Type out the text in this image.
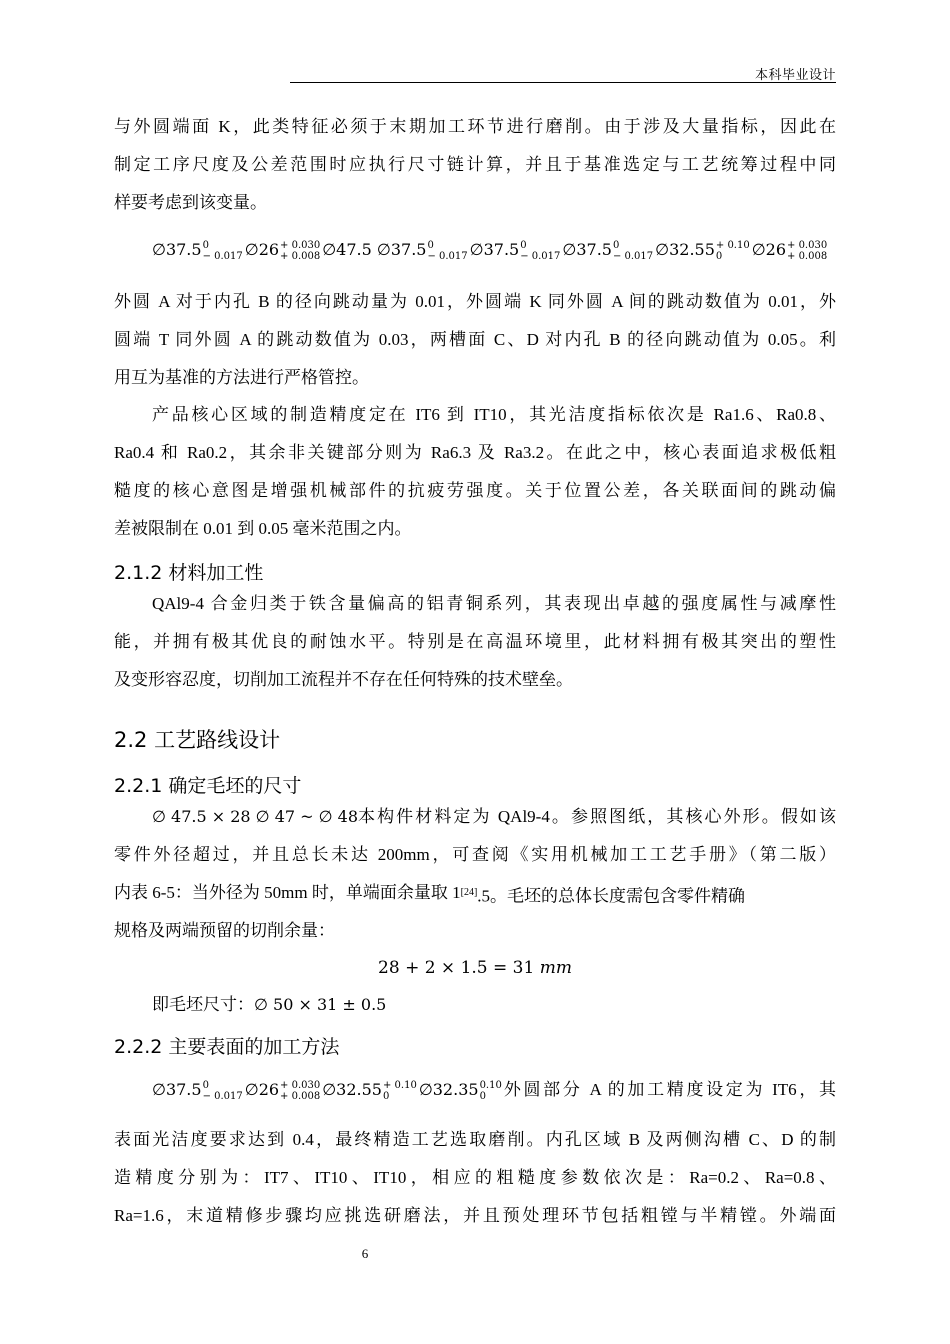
本科毕业设计
与外圆端面 K，此类特征必须于末期加工环节进行磨削。由于涉及大量指标，因此在
制定工序尺度及公差范围时应执行尺寸链计算，并且于基准选定与工艺统筹过程中同
样要考虑到该变量。
∅37.5 0
− 0.017 ∅26 + 0.030
+ 0.008 ∅47.5 ∅37.5 0
− 0.017 ∅37.5 0
− 0.017 ∅37.5 0
− 0.017 ∅32.55 + 0.10
0	∅26 + 0.030
+ 0.008
外圆 A 对于内孔 B 的径向跳动量为 0.01，外圆端 K 同外圆 A 间的跳动数值为 0.01，外
圆端 T 同外圆 A 的跳动数值为 0.03，两槽面 C、D 对内孔 B 的径向跳动值为 0.05。利
用互为基准的方法进行严格管控。
产品核心区域的制造精度定在 IT6 到 IT10，其光洁度指标依次是 Ra1.6、Ra0.8、
Ra0.4 和 Ra0.2，其余非关键部分则为 Ra6.3 及 Ra3.2。在此之中，核心表面追求极低粗
糙度的核心意图是增强机械部件的抗疲劳强度。关于位置公差，各关联面间的跳动偏
差被限制在 0.01 到 0.05 毫米范围之内。
2.1.2 材料加工性
QAl9-4 合金归类于铁含量偏高的铝青铜系列，其表现出卓越的强度属性与减摩性
能，并拥有极其优良的耐蚀水平。特别是在高温环境里，此材料拥有极其突出的塑性
及变形容忍度，切削加工流程并不存在任何特殊的技术壁垒。
2.2 工艺路线设计
2.2.1 确定毛坯的尺寸
∅ 47.5 × 28 ∅ 47 ~ ∅ 48 本构件材料定为 QAl9-4。参照图纸，其核心外形。假如该
零件外径超过，并且总长未达 200mm，可查阅《实用机械加工工艺手册》（第二版）
内表 6-5：当外径为 50mm 时，单端面余量取 1 [24].5。毛坯的总体长度需包含零件精确
规格及两端预留的切削余量：
28 + 2 × 1.5 = 31 mm
即毛坯尺寸：∅ 50 × 31 ± 0.5
2.2.2 主要表面的加工方法
∅37.5 0
− 0.017 ∅26 + 0.030
+ 0.008 ∅32.55 + 0.10
0	∅32.35 0.10
0	外圆部分 A 的加工精度设定为 IT6，其
表面光洁度要求达到 0.4，最终精造工艺选取磨削。内孔区域 B 及两侧沟槽 C、D 的制
造精度分别为：IT7、IT10、IT10，相应的粗糙度参数依次是：Ra=0.2、Ra=0.8、
Ra=1.6，末道精修步骤均应挑选研磨法，并且预处理环节包括粗镗与半精镗。外端面
6
